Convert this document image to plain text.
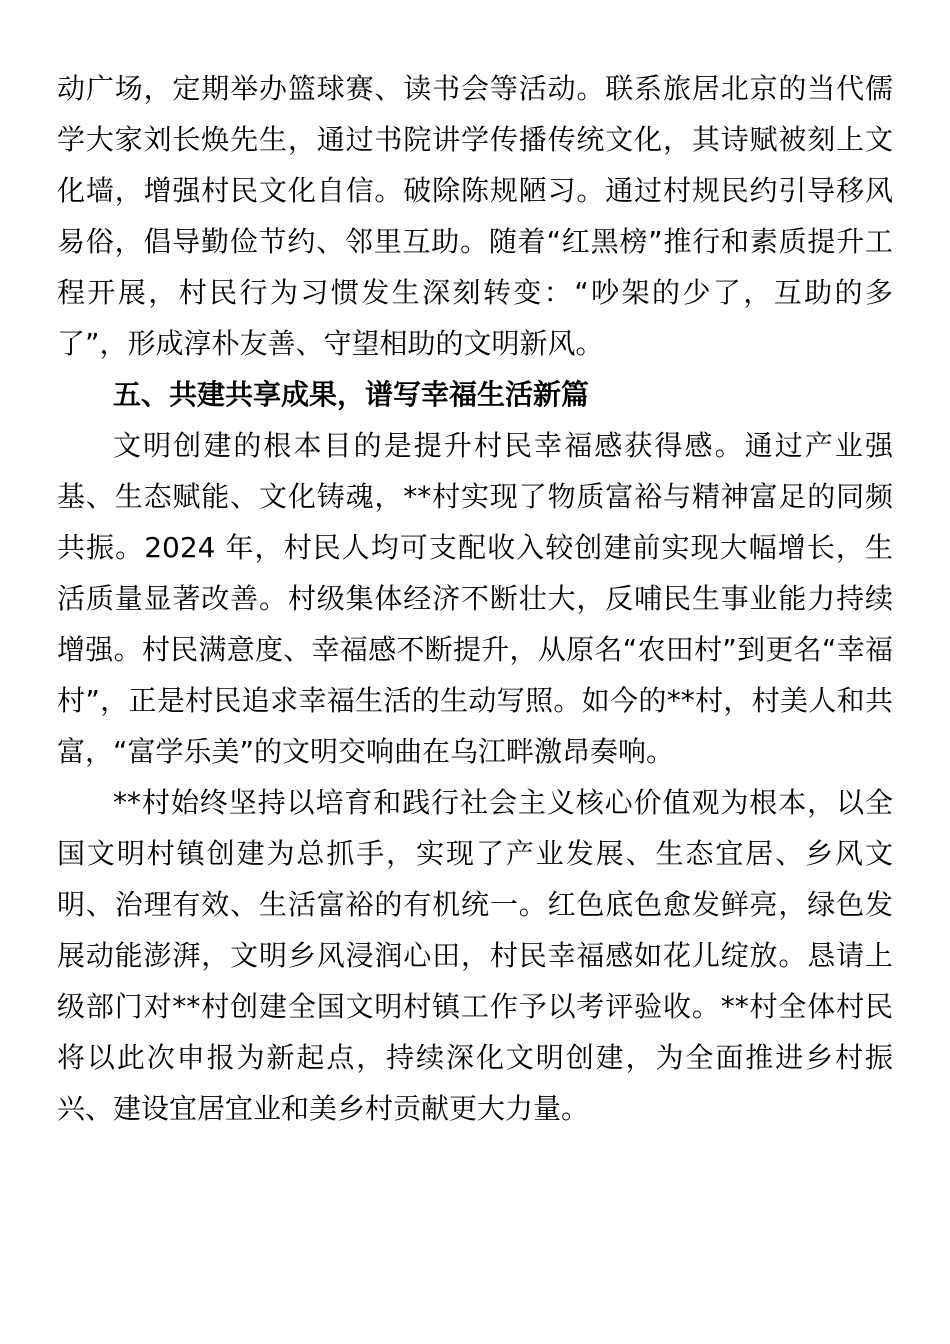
动广场，定期举办篮球赛、读书会等活动。联系旅居北京的当代儒学大家刘长焕先生，通过书院讲学传播传统文化，其诗赋被刻上文化墙，增强村民文化自信。破除陈规陋习。通过村规民约引导移风易俗，倡导勤俭节约、邻里互助。随着“红黑榜”推行和素质提升工程开展，村民行为习惯发生深刻转变：“吵架的少了，互助的多了”，形成淳朴友善、守望相助的文明新风。

五、共建共享成果，谱写幸福生活新篇

文明创建的根本目的是提升村民幸福感获得感。通过产业强基、生态赋能、文化铸魂，**村实现了物质富裕与精神富足的同频共振。2024 年，村民人均可支配收入较创建前实现大幅增长，生活质量显著改善。村级集体经济不断壮大，反哺民生事业能力持续增强。村民满意度、幸福感不断提升，从原名“农田村”到更名“幸福村”，正是村民追求幸福生活的生动写照。如今的**村，村美人和共富，“富学乐美”的文明交响曲在乌江畔激昂奏响。

**村始终坚持以培育和践行社会主义核心价值观为根本，以全国文明村镇创建为总抓手，实现了产业发展、生态宜居、乡风文明、治理有效、生活富裕的有机统一。红色底色愈发鲜亮，绿色发展动能澎湃，文明乡风浸润心田，村民幸福感如花儿绽放。恳请上级部门对**村创建全国文明村镇工作予以考评验收。**村全体村民将以此次申报为新起点，持续深化文明创建，为全面推进乡村振兴、建设宜居宜业和美乡村贡献更大力量。
